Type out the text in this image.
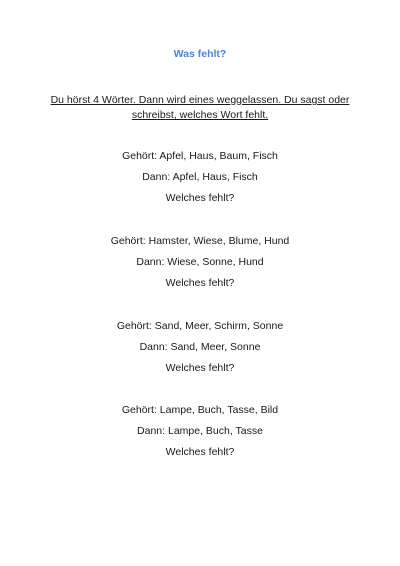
Was fehlt?
Du hörst 4 Wörter. Dann wird eines weggelassen. Du sagst oder schreibst, welches Wort fehlt.
Gehört: Apfel, Haus, Baum, Fisch
Dann: Apfel, Haus, Fisch
Welches fehlt?
Gehört: Hamster, Wiese, Blume, Hund
Dann: Wiese, Sonne, Hund
Welches fehlt?
Gehört: Sand, Meer, Schirm, Sonne
Dann: Sand, Meer, Sonne
Welches fehlt?
Gehört: Lampe, Buch, Tasse, Bild
Dann: Lampe, Buch, Tasse
Welches fehlt?
